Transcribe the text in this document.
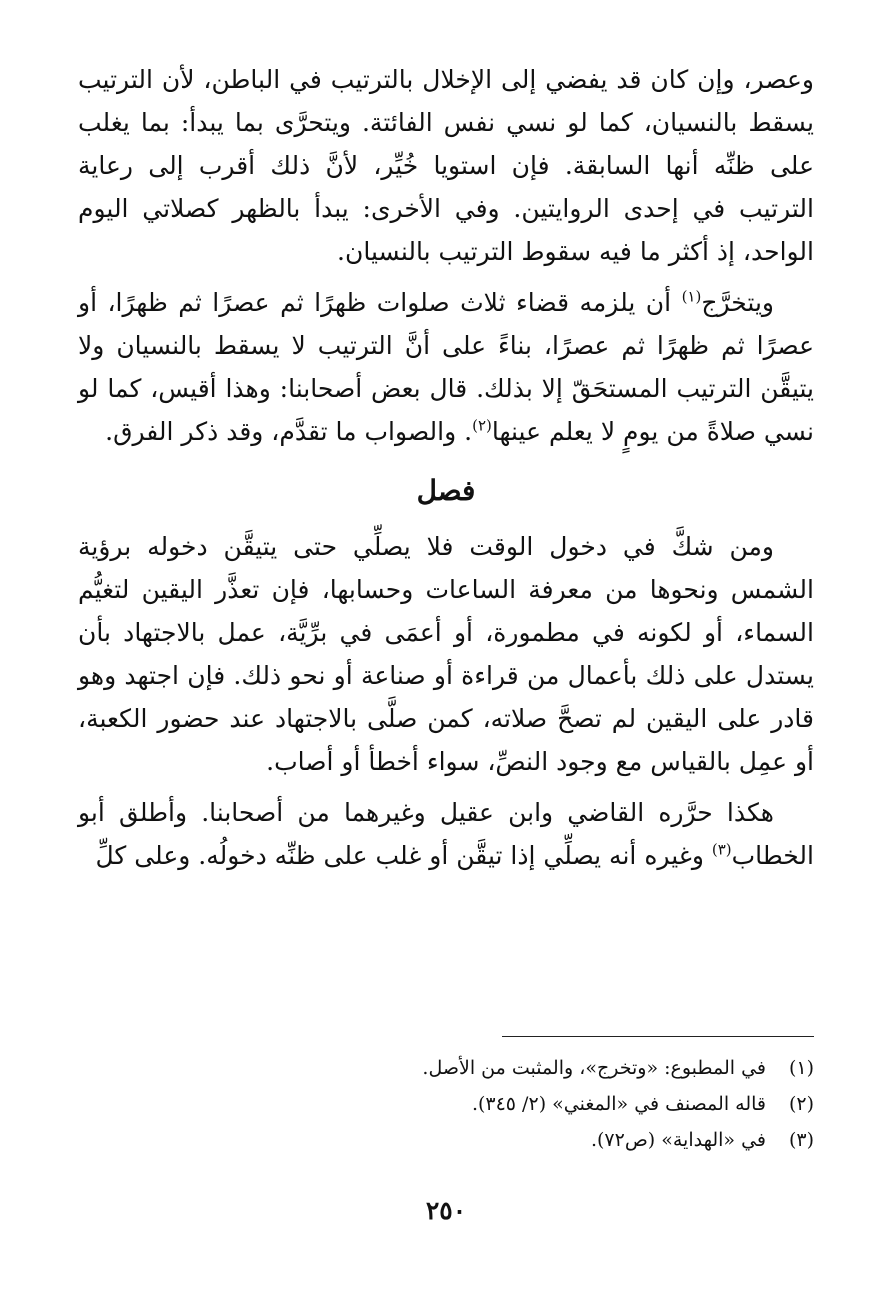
وعصر، وإن كان قد يفضي إلى الإخلال بالترتيب في الباطن، لأن الترتيب يسقط بالنسيان، كما لو نسي نفس الفائتة. ويتحرَّى بما يبدأ: بما يغلب على ظنِّه أنها السابقة. فإن استويا خُيِّر، لأنَّ ذلك أقرب إلى رعاية الترتيب في إحدى الروايتين. وفي الأخرى: يبدأ بالظهر كصلاتي اليوم الواحد، إذ أكثر ما فيه سقوط الترتيب بالنسيان.

ويتخرَّج$^{(١)}$ أن يلزمه قضاء ثلاث صلوات ظهرًا ثم عصرًا ثم ظهرًا، أو عصرًا ثم ظهرًا ثم عصرًا، بناءً على أنَّ الترتيب لا يسقط بالنسيان ولا يتيقَّن الترتيب المستحَقّ إلا بذلك. قال بعض أصحابنا: وهذا أقيس، كما لو نسي صلاةً من يومٍ لا يعلم عينها$^{(٢)}$. والصواب ما تقدَّم، وقد ذكر الفرق.

فصل

ومن شكَّ في دخول الوقت فلا يصلِّي حتى يتيقَّن دخوله برؤية الشمس ونحوها من معرفة الساعات وحسابها، فإن تعذَّر اليقين لتغيُّم السماء، أو لكونه في مطمورة، أو أعمَى في برِّيَّة، عمل بالاجتهاد بأن يستدل على ذلك بأعمال من قراءة أو صناعة أو نحو ذلك. فإن اجتهد وهو قادر على اليقين لم تصحَّ صلاته، كمن صلَّى بالاجتهاد عند حضور الكعبة، أو عمِل بالقياس مع وجود النصِّ، سواء أخطأ أو أصاب.

هكذا حرَّره القاضي وابن عقيل وغيرهما من أصحابنا. وأطلق أبو الخطاب$^{(٣)}$ وغيره أنه يصلِّي إذا تيقَّن أو غلب على ظنِّه دخولُه. وعلى كلِّ

(١)
في المطبوع: «وتخرج»، والمثبت من الأصل.
(٢)
قاله المصنف في «المغني» (٢/ ٣٤٥).
(٣)
في «الهداية» (ص٧٢).
٢٥٠
